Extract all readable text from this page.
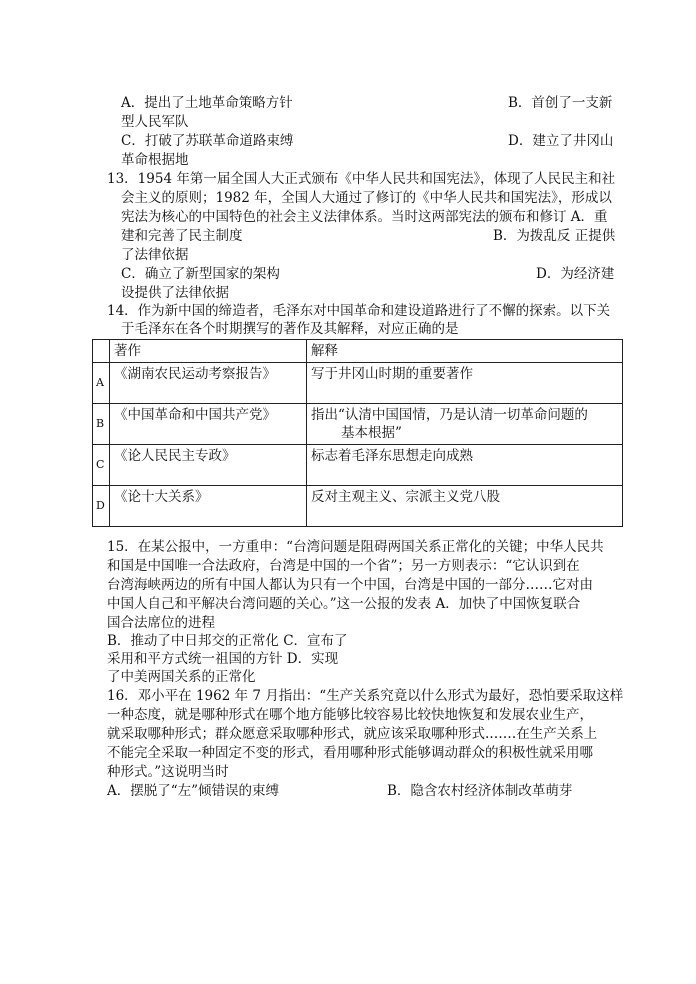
A．提出了土地革命策略方针	B．首创了一支新
型人民军队
C．打破了苏联革命道路束缚	D．建立了井冈山
革命根据地
13．1954 年第一届全国人大正式颁布《中华人民共和国宪法》，体现了人民民主和社
会主义的原则；1982 年，全国人大通过了修订的《中华人民共和国宪法》，形成以
宪法为核心的中国特色的社会主义法律体系。当时这两部宪法的颁布和修订 A．重
建和完善了民主制度	B．为拨乱反 正提供
了法律依据
C．确立了新型国家的架构	D．为经济建
设提供了法律依据
14．作为新中国的缔造者，毛泽东对中国革命和建设道路进行了不懈的探索。以下关
于毛泽东在各个时期撰写的著作及其解释，对应正确的是
	著作	解释
A	《湖南农民运动考察报告》	写于井冈山时期的重要著作
B	《中国革命和中国共产党》	指出“认清中国国情，乃是认清一切革命问题的
基本根据”

C	《论人民民主专政》	标志着毛泽东思想走向成熟
D	《论十大关系》	反对主观主义、宗派主义党八股
15．在某公报中，一方重申：“台湾问题是阻碍两国关系正常化的关键；中华人民共
和国是中国唯一合法政府，台湾是中国的一个省”；另一方则表示：“它认识到在
台湾海峡两边的所有中国人都认为只有一个中国，台湾是中国的一部分……它对由
中国人自己和平解决台湾问题的关心。”这一公报的发表 A．加快了中国恢复联合
国合法席位的进程
B．推动了中日邦交的正常化 C．宣布了
采用和平方式统一祖国的方针 D．实现
了中美两国关系的正常化
16．邓小平在 1962 年 7 月指出：“生产关系究竟以什么形式为最好，恐怕要采取这样
一种态度，就是哪种形式在哪个地方能够比较容易比较快地恢复和发展农业生产，
就采取哪种形式；群众愿意采取哪种形式，就应该采取哪种形式.……在生产关系上
不能完全采取一种固定不变的形式，看用哪种形式能够调动群众的积极性就采用哪
种形式。”这说明当时
A．摆脱了“左”倾错误的束缚	B．隐含农村经济体制改革萌芽
